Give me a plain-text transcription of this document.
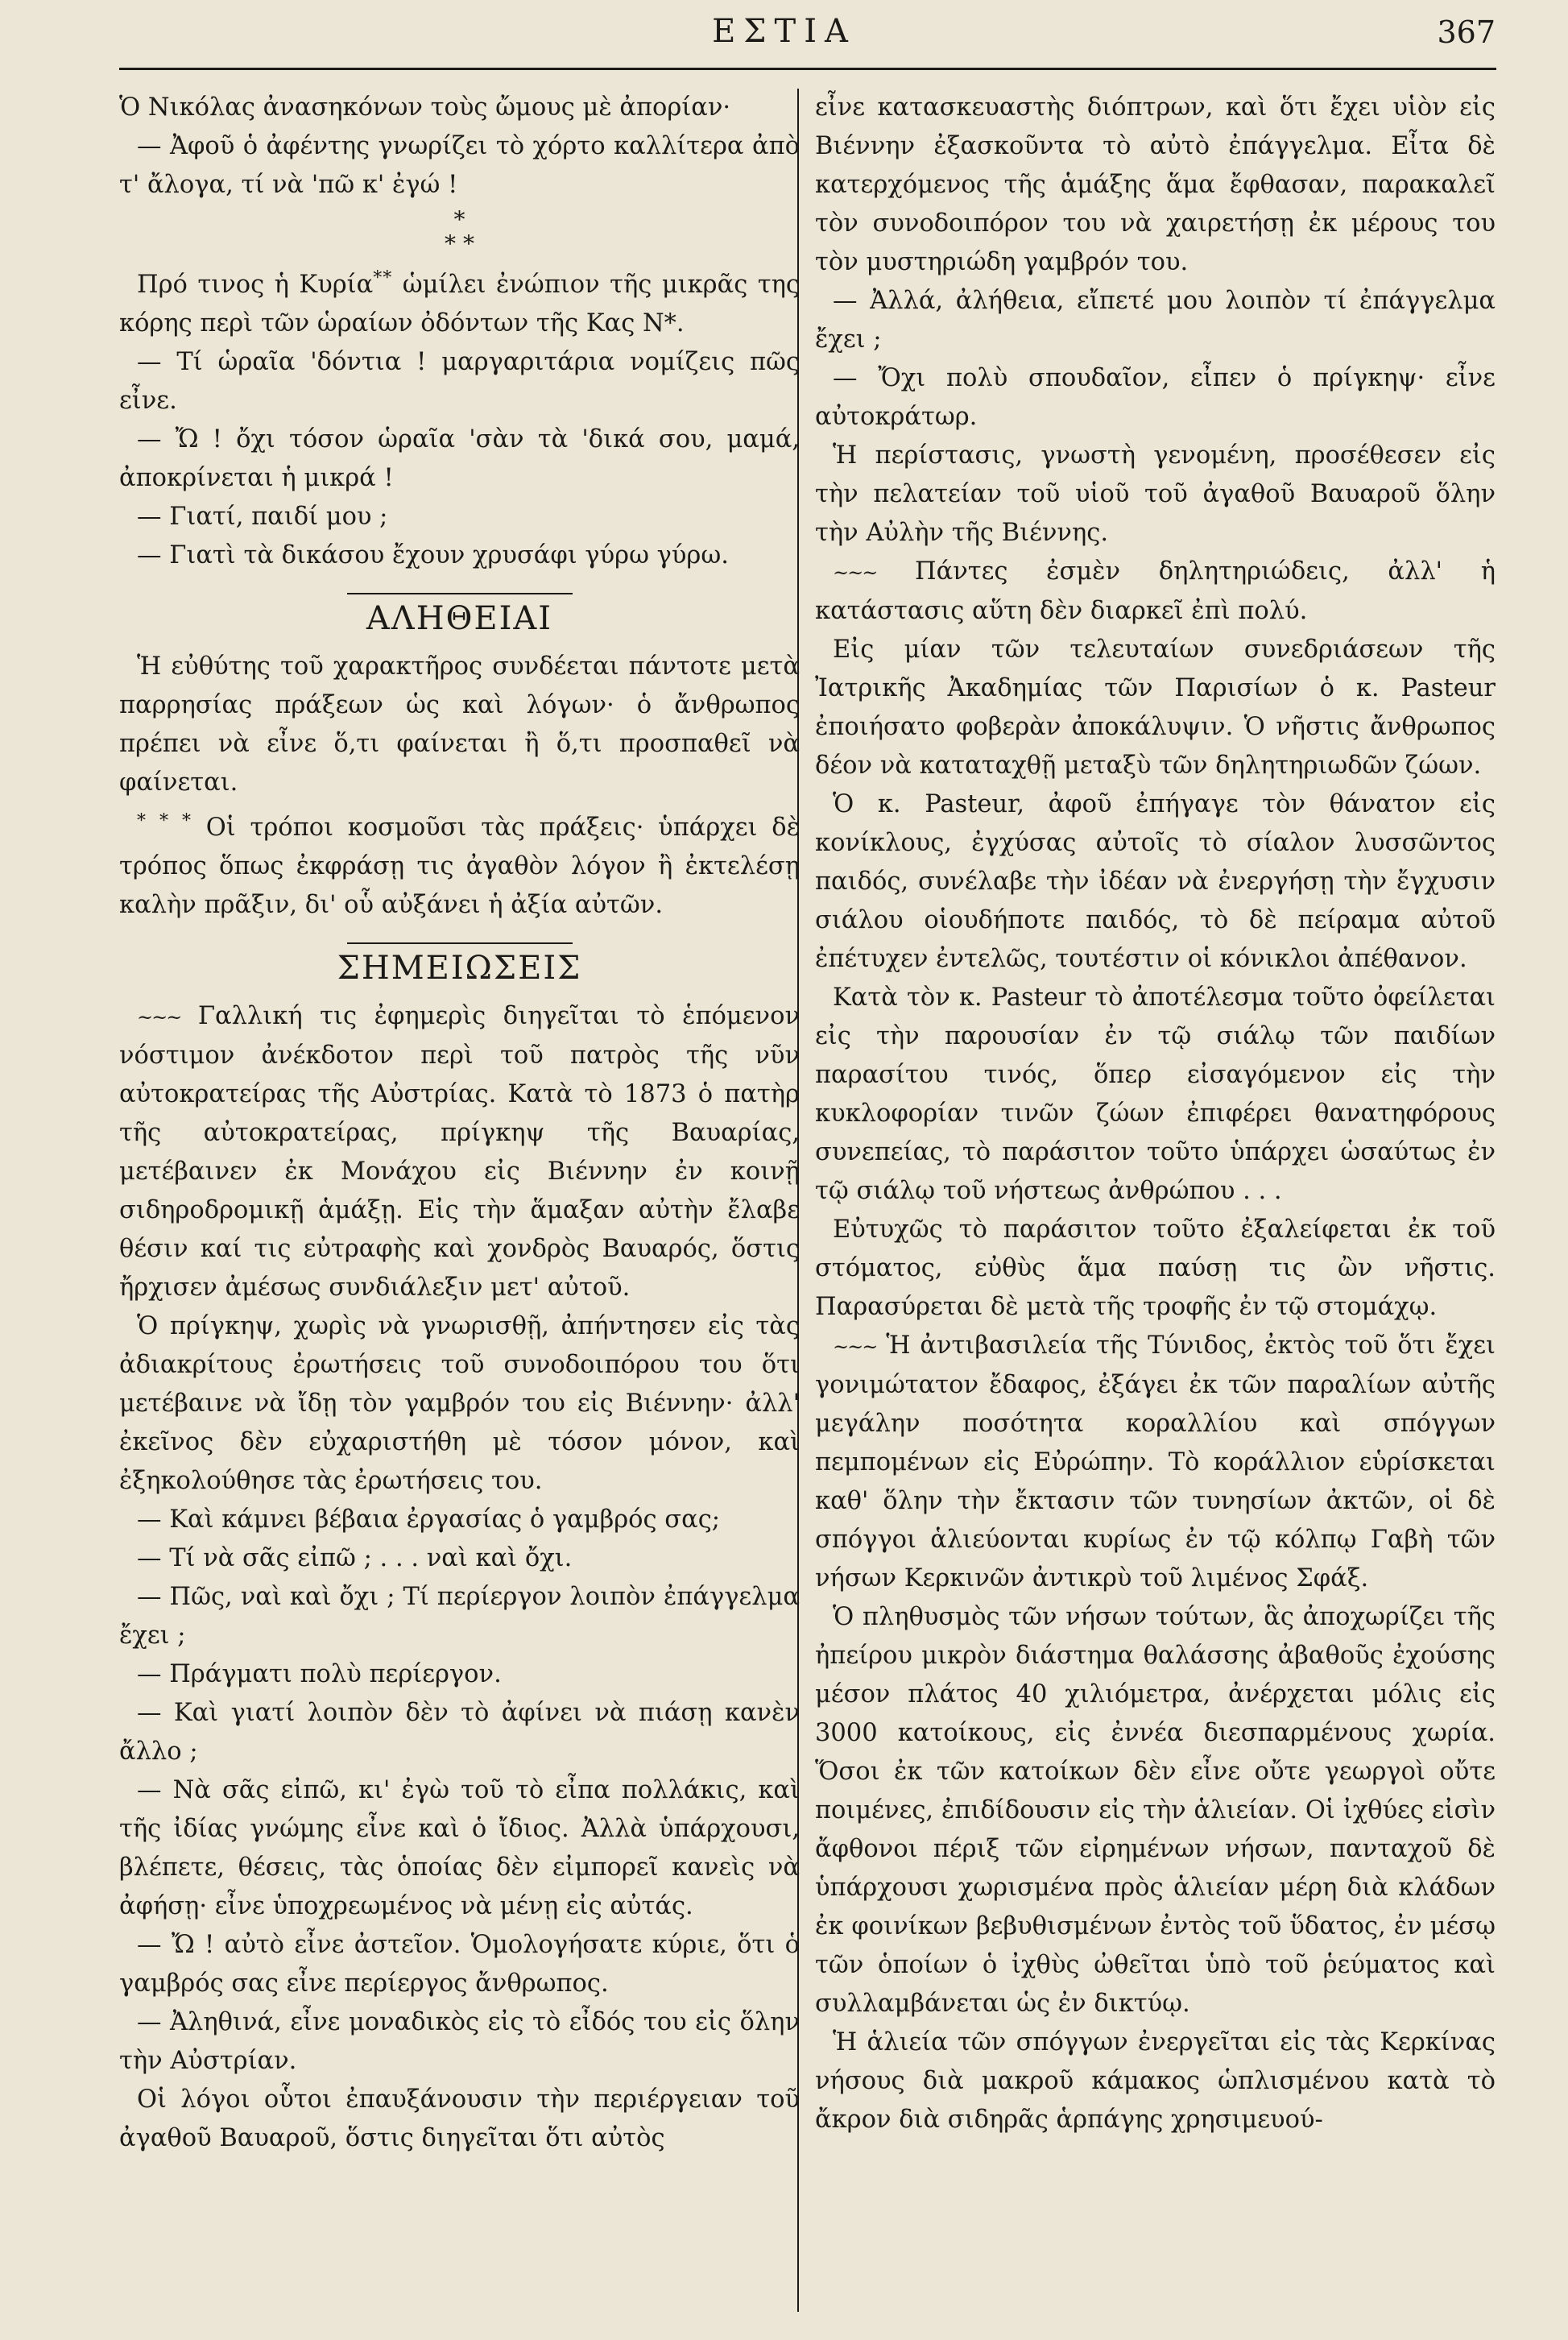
ΕΣΤΙΑ	367

Ὁ Νικόλας ἀνασηκόνων τοὺς ὤμους μὲ ἀπορίαν·

— Ἀφοῦ ὁ ἀφέντης γνωρίζει τὸ χόρτο καλλίτερα ἀπὸ τ' ἄλογα, τί νὰ 'πῶ κ' ἐγώ !

*
* *

Πρό τινος ἡ Κυρία** ὡμίλει ἐνώπιον τῆς μικρᾶς της κόρης περὶ τῶν ὡραίων ὀδόντων τῆς Κας Ν*.

— Τί ὡραῖα 'δόντια ! μαργαριτάρια νομίζεις πῶς εἶνε.

— Ὤ ! ὄχι τόσον ὡραῖα 'σὰν τὰ 'δικά σου, μαμά, ἀποκρίνεται ἡ μικρά !

— Γιατί, παιδί μου ;

— Γιατὶ τὰ δικάσου ἔχουν χρυσάφι γύρω γύρω.

ΑΛΗΘΕΙΑΙ

Ἡ εὐθύτης τοῦ χαρακτῆρος συνδέεται πάντοτε μετὰ παρρησίας πράξεων ὡς καὶ λόγων· ὁ ἄνθρωπος πρέπει νὰ εἶνε ὅ,τι φαίνεται ἢ ὅ,τι προσπαθεῖ νὰ φαίνεται.

* * * Οἱ τρόποι κοσμοῦσι τὰς πράξεις· ὑπάρχει δὲ τρόπος ὅπως ἐκφράσῃ τις ἀγαθὸν λόγον ἢ ἐκτελέσῃ καλὴν πρᾶξιν, δι' οὗ αὐξάνει ἡ ἀξία αὐτῶν.

ΣΗΜΕΙΩΣΕΙΣ

~~~ Γαλλική τις ἐφημερὶς διηγεῖται τὸ ἑπόμενον νόστιμον ἀνέκδοτον περὶ τοῦ πατρὸς τῆς νῦν αὐτοκρατείρας τῆς Αὐστρίας. Κατὰ τὸ 1873 ὁ πατὴρ τῆς αὐτοκρατείρας, πρίγκηψ τῆς Βαυαρίας, μετέβαινεν ἐκ Μονάχου εἰς Βιέννην ἐν κοινῇ σιδηροδρομικῇ ἁμάξῃ. Εἰς τὴν ἅμαξαν αὐτὴν ἔλαβε θέσιν καί τις εὐτραφὴς καὶ χονδρὸς Βαυαρός, ὅστις ἤρχισεν ἀμέσως συνδιάλεξιν μετ' αὐτοῦ.

Ὁ πρίγκηψ, χωρὶς νὰ γνωρισθῇ, ἀπήντησεν εἰς τὰς ἀδιακρίτους ἐρωτήσεις τοῦ συνοδοιπόρου του ὅτι μετέβαινε νὰ ἴδῃ τὸν γαμβρόν του εἰς Βιέννην· ἀλλ' ἐκεῖνος δὲν εὐχαριστήθη μὲ τόσον μόνον, καὶ ἐξηκολούθησε τὰς ἐρωτήσεις του.

— Καὶ κάμνει βέβαια ἐργασίας ὁ γαμβρός σας;

— Τί νὰ σᾶς εἰπῶ ; . . . ναὶ καὶ ὄχι.

— Πῶς, ναὶ καὶ ὄχι ; Τί περίεργον λοιπὸν ἐπάγγελμα ἔχει ;

— Πράγματι πολὺ περίεργον.

— Καὶ γιατί λοιπὸν δὲν τὸ ἀφίνει νὰ πιάσῃ κανὲν ἄλλο ;

— Νὰ σᾶς εἰπῶ, κι' ἐγὼ τοῦ τὸ εἶπα πολλάκις, καὶ τῆς ἰδίας γνώμης εἶνε καὶ ὁ ἴδιος. Ἀλλὰ ὑπάρχουσι, βλέπετε, θέσεις, τὰς ὁποίας δὲν εἰμπορεῖ κανεὶς νὰ ἀφήσῃ· εἶνε ὑποχρεωμένος νὰ μένῃ εἰς αὐτάς.

— Ὤ ! αὐτὸ εἶνε ἀστεῖον. Ὁμολογήσατε κύριε, ὅτι ὁ γαμβρός σας εἶνε περίεργος ἄνθρωπος.

— Ἀληθινά, εἶνε μοναδικὸς εἰς τὸ εἶδός του εἰς ὅλην τὴν Αὐστρίαν.

Οἱ λόγοι οὗτοι ἐπαυξάνουσιν τὴν περιέργειαν τοῦ ἀγαθοῦ Βαυαροῦ, ὅστις διηγεῖται ὅτι αὐτὸς

εἶνε κατασκευαστὴς διόπτρων, καὶ ὅτι ἔχει υἱὸν εἰς Βιέννην ἐξασκοῦντα τὸ αὐτὸ ἐπάγγελμα. Εἶτα δὲ κατερχόμενος τῆς ἁμάξης ἅμα ἔφθασαν, παρακαλεῖ τὸν συνοδοιπόρον του νὰ χαιρετήσῃ ἐκ μέρους του τὸν μυστηριώδη γαμβρόν του.

— Ἀλλά, ἀλήθεια, εἴπετέ μου λοιπὸν τί ἐπάγγελμα ἔχει ;

— Ὄχι πολὺ σπουδαῖον, εἶπεν ὁ πρίγκηψ· εἶνε αὐτοκράτωρ.

Ἡ περίστασις, γνωστὴ γενομένη, προσέθεσεν εἰς τὴν πελατείαν τοῦ υἱοῦ τοῦ ἀγαθοῦ Βαυαροῦ ὅλην τὴν Αὐλὴν τῆς Βιέννης.

~~~ Πάντες ἐσμὲν δηλητηριώδεις, ἀλλ' ἡ κατάστασις αὕτη δὲν διαρκεῖ ἐπὶ πολύ.

Εἰς μίαν τῶν τελευταίων συνεδριάσεων τῆς Ἰατρικῆς Ἀκαδημίας τῶν Παρισίων ὁ κ. Pasteur ἐποιήσατο φοβερὰν ἀποκάλυψιν. Ὁ νῆστις ἄνθρωπος δέον νὰ καταταχθῇ μεταξὺ τῶν δηλητηριωδῶν ζώων.

Ὁ κ. Pasteur, ἀφοῦ ἐπήγαγε τὸν θάνατον εἰς κονίκλους, ἐγχύσας αὐτοῖς τὸ σίαλον λυσσῶντος παιδός, συνέλαβε τὴν ἰδέαν νὰ ἐνεργήσῃ τὴν ἔγχυσιν σιάλου οἱουδήποτε παιδός, τὸ δὲ πείραμα αὐτοῦ ἐπέτυχεν ἐντελῶς, τουτέστιν οἱ κόνικλοι ἀπέθανον.

Κατὰ τὸν κ. Pasteur τὸ ἀποτέλεσμα τοῦτο ὀφείλεται εἰς τὴν παρουσίαν ἐν τῷ σιάλῳ τῶν παιδίων παρασίτου τινός, ὅπερ εἰσαγόμενον εἰς τὴν κυκλοφορίαν τινῶν ζώων ἐπιφέρει θανατηφόρους συνεπείας, τὸ παράσιτον τοῦτο ὑπάρχει ὡσαύτως ἐν τῷ σιάλῳ τοῦ νήστεως ἀνθρώπου . . .

Εὐτυχῶς τὸ παράσιτον τοῦτο ἐξαλείφεται ἐκ τοῦ στόματος, εὐθὺς ἅμα παύσῃ τις ὢν νῆστις. Παρασύρεται δὲ μετὰ τῆς τροφῆς ἐν τῷ στομάχῳ.

~~~ Ἡ ἀντιβασιλεία τῆς Τύνιδος, ἐκτὸς τοῦ ὅτι ἔχει γονιμώτατον ἔδαφος, ἐξάγει ἐκ τῶν παραλίων αὐτῆς μεγάλην ποσότητα κοραλλίου καὶ σπόγγων πεμπομένων εἰς Εὐρώπην. Τὸ κοράλλιον εὑρίσκεται καθ' ὅλην τὴν ἔκτασιν τῶν τυνησίων ἀκτῶν, οἱ δὲ σπόγγοι ἁλιεύονται κυρίως ἐν τῷ κόλπῳ Γαβὴ τῶν νήσων Κερκινῶν ἀντικρὺ τοῦ λιμένος Σφάξ.

Ὁ πληθυσμὸς τῶν νήσων τούτων, ἃς ἀποχωρίζει τῆς ἠπείρου μικρὸν διάστημα θαλάσσης ἀβαθοῦς ἐχούσης μέσον πλάτος 40 χιλιόμετρα, ἀνέρχεται μόλις εἰς 3000 κατοίκους, εἰς ἐννέα διεσπαρμένους χωρία. Ὅσοι ἐκ τῶν κατοίκων δὲν εἶνε οὔτε γεωργοὶ οὔτε ποιμένες, ἐπιδίδουσιν εἰς τὴν ἁλιείαν. Οἱ ἰχθύες εἰσὶν ἄφθονοι πέριξ τῶν εἰρημένων νήσων, πανταχοῦ δὲ ὑπάρχουσι χωρισμένα πρὸς ἁλιείαν μέρη διὰ κλάδων ἐκ φοινίκων βεβυθισμένων ἐντὸς τοῦ ὕδατος, ἐν μέσῳ τῶν ὁποίων ὁ ἰχθὺς ὠθεῖται ὑπὸ τοῦ ῥεύματος καὶ συλλαμβάνεται ὡς ἐν δικτύῳ.

Ἡ ἁλιεία τῶν σπόγγων ἐνεργεῖται εἰς τὰς Κερκίνας νήσους διὰ μακροῦ κάμακος ὡπλισμένου κατὰ τὸ ἄκρον διὰ σιδηρᾶς ἁρπάγης χρησιμευού-
